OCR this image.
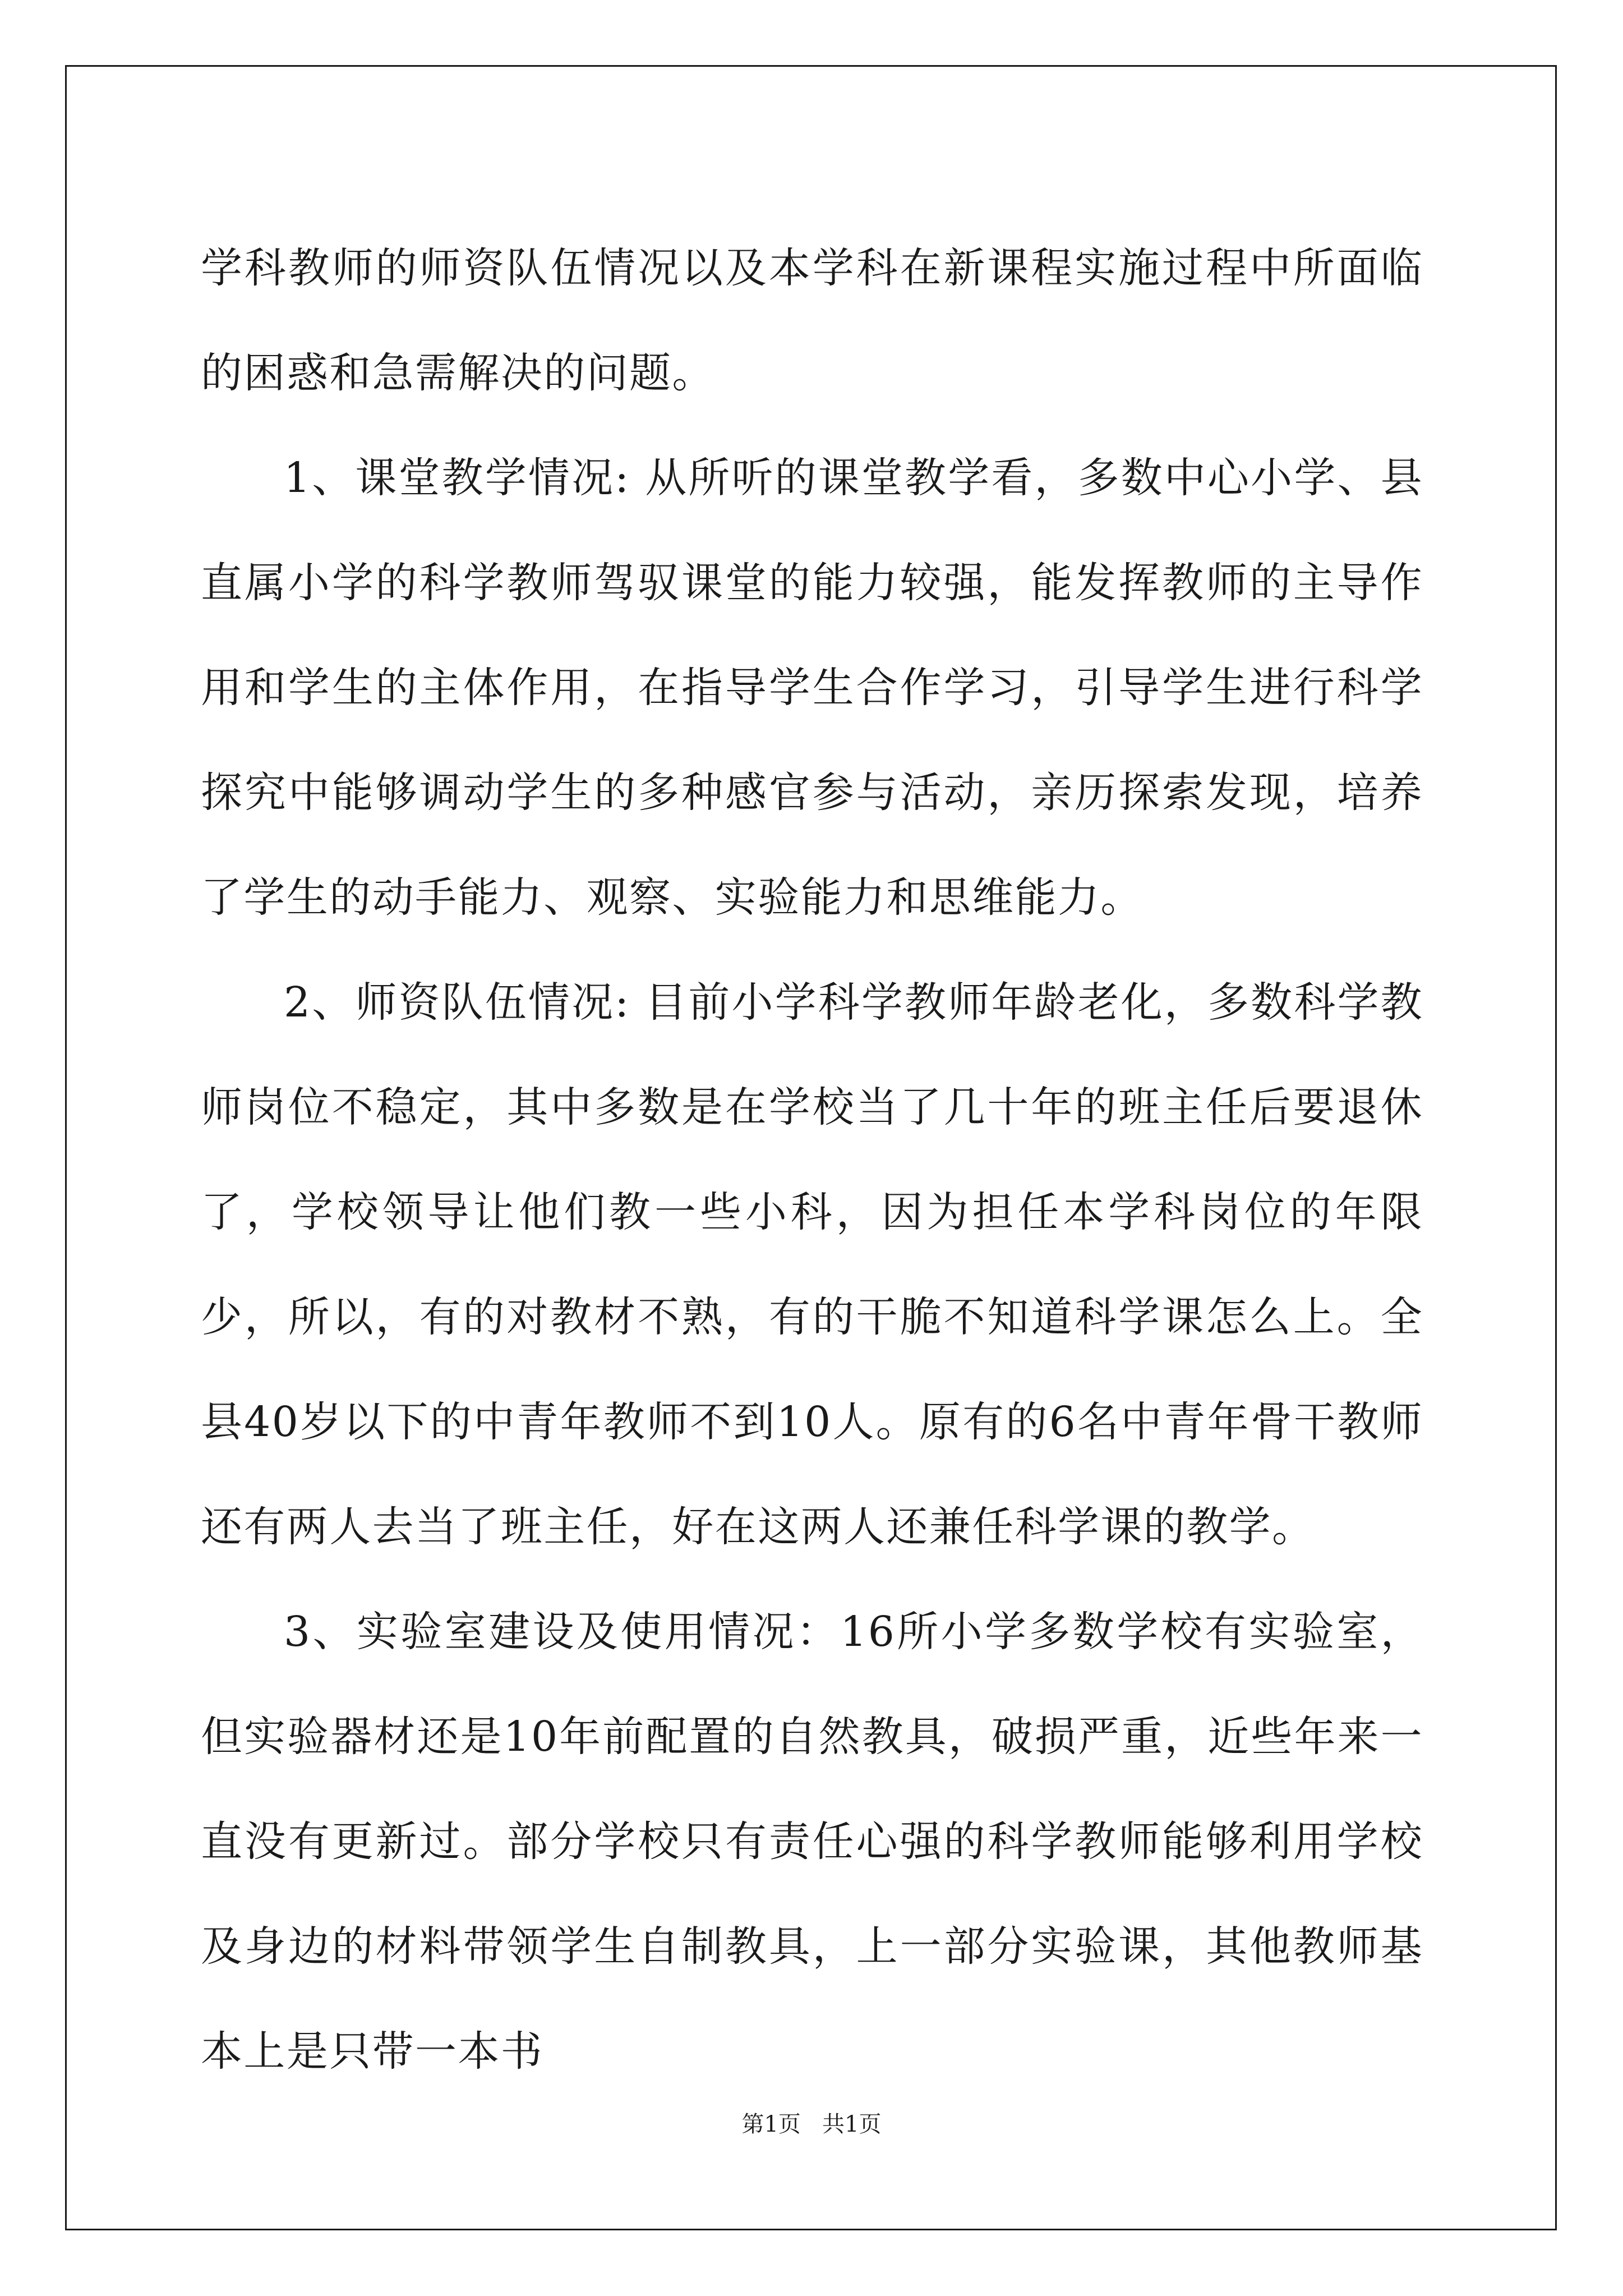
学科教师的师资队伍情况以及本学科在新课程实施过程中所面临的困惑和急需解决的问题。

1、课堂教学情况: 从所听的课堂教学看，多数中心小学、县直属小学的科学教师驾驭课堂的能力较强，能发挥教师的主导作用和学生的主体作用，在指导学生合作学习，引导学生进行科学探究中能够调动学生的多种感官参与活动，亲历探索发现，培养了学生的动手能力、观察、实验能力和思维能力。

2、师资队伍情况: 目前小学科学教师年龄老化，多数科学教师岗位不稳定，其中多数是在学校当了几十年的班主任后要退休了，学校领导让他们教一些小科，因为担任本学科岗位的年限少，所以，有的对教材不熟，有的干脆不知道科学课怎么上。全县40岁以下的中青年教师不到10人。原有的6名中青年骨干教师还有两人去当了班主任，好在这两人还兼任科学课的教学。

3、实验室建设及使用情况：16所小学多数学校有实验室，但实验器材还是10年前配置的自然教具，破损严重，近些年来一直没有更新过。部分学校只有责任心强的科学教师能够利用学校及身边的材料带领学生自制教具，上一部分实验课，其他教师基本上是只带一本书

第1页   共1页
